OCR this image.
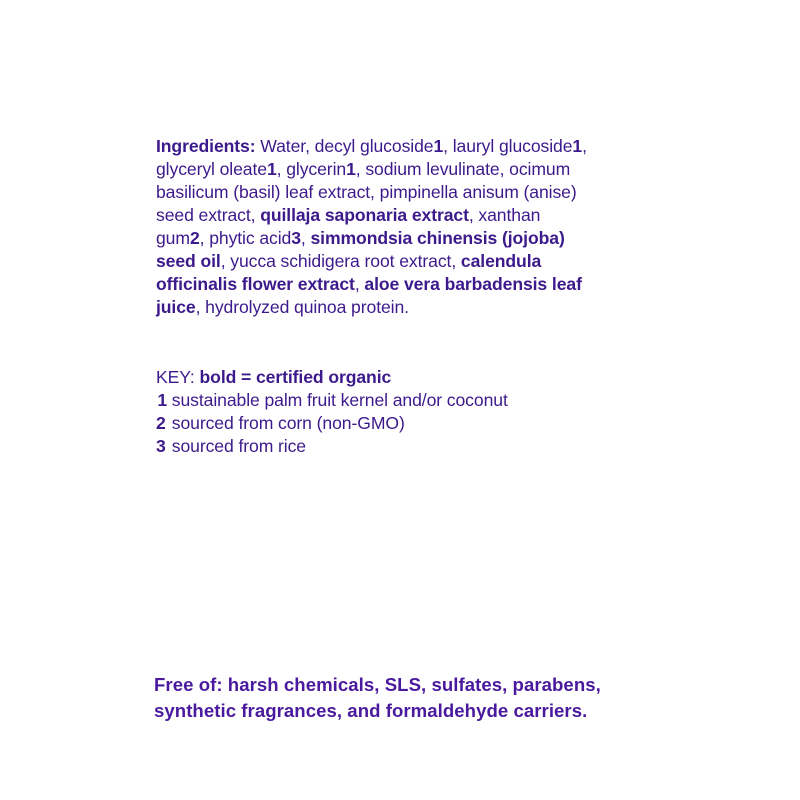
Ingredients: Water, decyl glucoside1, lauryl glucoside1,
glyceryl oleate1, glycerin1, sodium levulinate, ocimum
basilicum (basil) leaf extract, pimpinella anisum (anise)
seed extract, quillaja saponaria extract, xanthan
gum2, phytic acid3, simmondsia chinensis (jojoba)
seed oil, yucca schidigera root extract, calendula
officinalis flower extract, aloe vera barbadensis leaf
juice, hydrolyzed quinoa protein.
KEY: bold = certified organic
1 sustainable palm fruit kernel and/or coconut
2 sourced from corn (non-GMO)
3 sourced from rice
Free of: harsh chemicals, SLS, sulfates, parabens,
synthetic fragrances, and formaldehyde carriers.
